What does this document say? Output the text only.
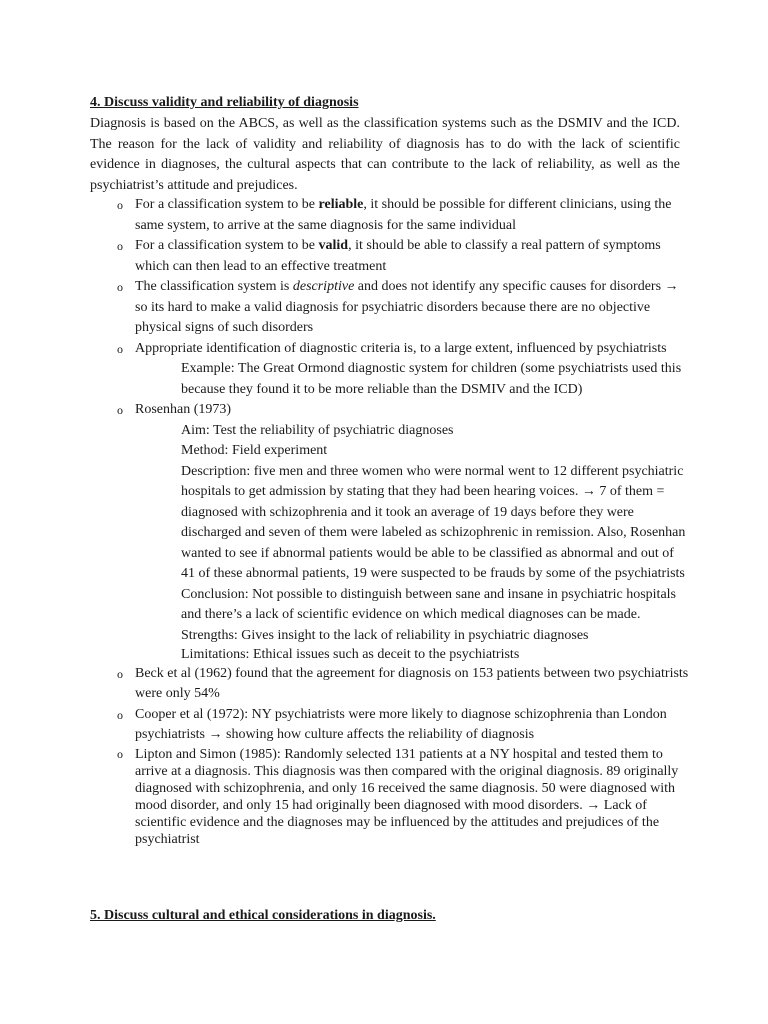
4. Discuss validity and reliability of diagnosis
Diagnosis is based on the ABCS, as well as the classification systems such as the DSMIV and the ICD. The reason for the lack of validity and reliability of diagnosis has to do with the lack of scientific evidence in diagnoses, the cultural aspects that can contribute to the lack of reliability, as well as the psychiatrist’s attitude and prejudices.
o For a classification system to be reliable, it should be possible for different clinicians, using the same system, to arrive at the same diagnosis for the same individual
o For a classification system to be valid, it should be able to classify a real pattern of symptoms which can then lead to an effective treatment
o The classification system is descriptive and does not identify any specific causes for disorders → so its hard to make a valid diagnosis for psychiatric disorders because there are no objective physical signs of such disorders
o Appropriate identification of diagnostic criteria is, to a large extent, influenced by psychiatrists
Example: The Great Ormond diagnostic system for children (some psychiatrists used this because they found it to be more reliable than the DSMIV and the ICD)
o Rosenhan (1973)
Aim: Test the reliability of psychiatric diagnoses
Method: Field experiment
Description: five men and three women who were normal went to 12 different psychiatric hospitals to get admission by stating that they had been hearing voices. → 7 of them = diagnosed with schizophrenia and it took an average of 19 days before they were discharged and seven of them were labeled as schizophrenic in remission. Also, Rosenhan wanted to see if abnormal patients would be able to be classified as abnormal and out of 41 of these abnormal patients, 19 were suspected to be frauds by some of the psychiatrists
Conclusion: Not possible to distinguish between sane and insane in psychiatric hospitals and there’s a lack of scientific evidence on which medical diagnoses can be made.
Strengths: Gives insight to the lack of reliability in psychiatric diagnoses
Limitations: Ethical issues such as deceit to the psychiatrists
o Beck et al (1962) found that the agreement for diagnosis on 153 patients between two psychiatrists were only 54%
o Cooper et al (1972): NY psychiatrists were more likely to diagnose schizophrenia than London psychiatrists → showing how culture affects the reliability of diagnosis
o Lipton and Simon (1985): Randomly selected 131 patients at a NY hospital and tested them to arrive at a diagnosis. This diagnosis was then compared with the original diagnosis. 89 originally diagnosed with schizophrenia, and only 16 received the same diagnosis. 50 were diagnosed with mood disorder, and only 15 had originally been diagnosed with mood disorders. → Lack of scientific evidence and the diagnoses may be influenced by the attitudes and prejudices of the psychiatrist
5. Discuss cultural and ethical considerations in diagnosis.
